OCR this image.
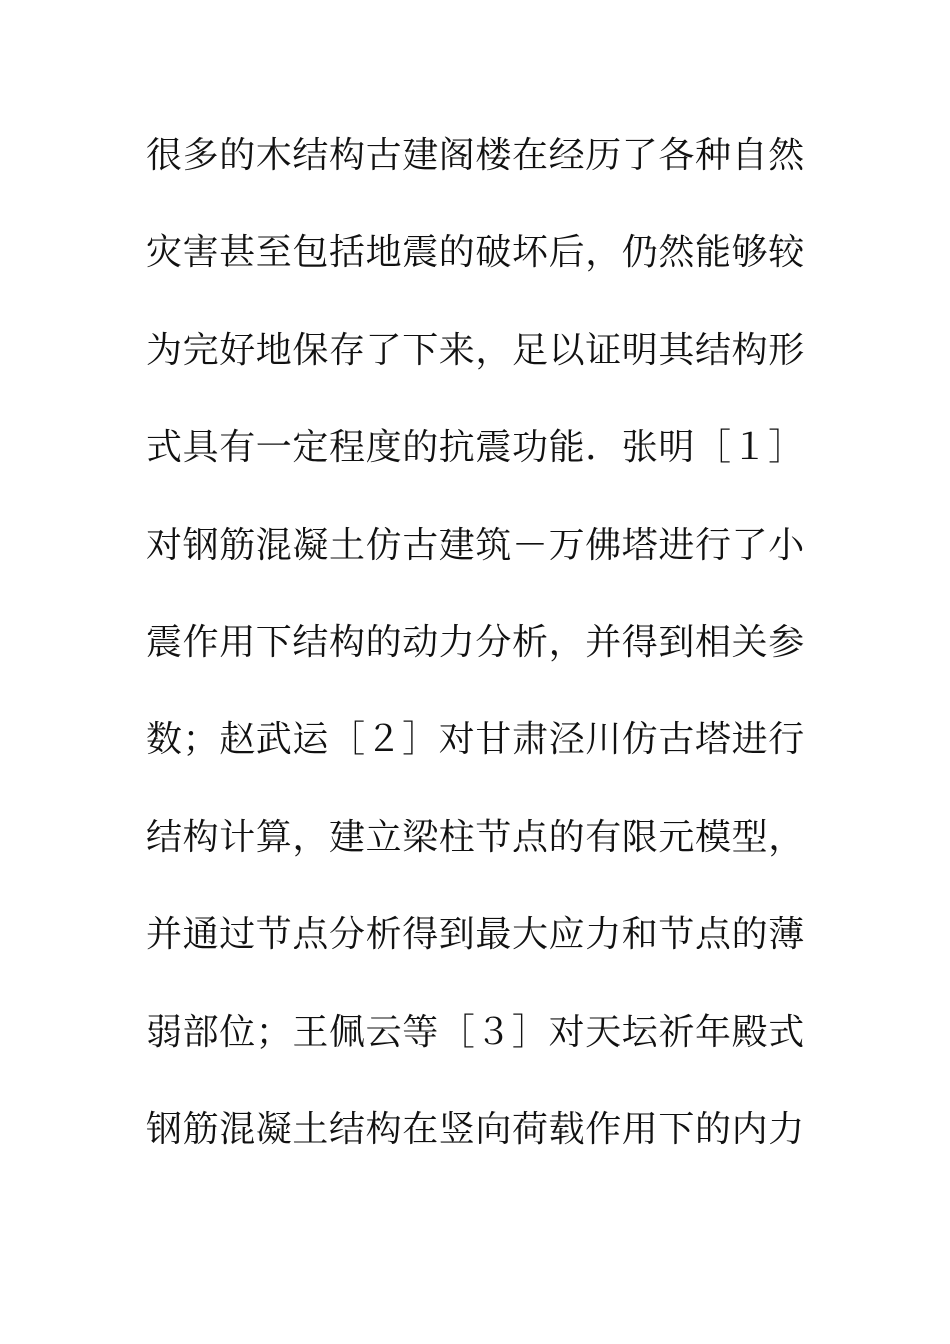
很多的木结构古建阁楼在经历了各种自然
灾害甚至包括地震的破坏后，仍然能够较
为完好地保存了下来，足以证明其结构形
式具有一定程度的抗震功能．张明［１］
对钢筋混凝土仿古建筑－万佛塔进行了小
震作用下结构的动力分析，并得到相关参
数；赵武运［２］对甘肃泾川仿古塔进行
结构计算，建立梁柱节点的有限元模型，
并通过节点分析得到最大应力和节点的薄
弱部位；王佩云等［３］对天坛祈年殿式
钢筋混凝土结构在竖向荷载作用下的内力
